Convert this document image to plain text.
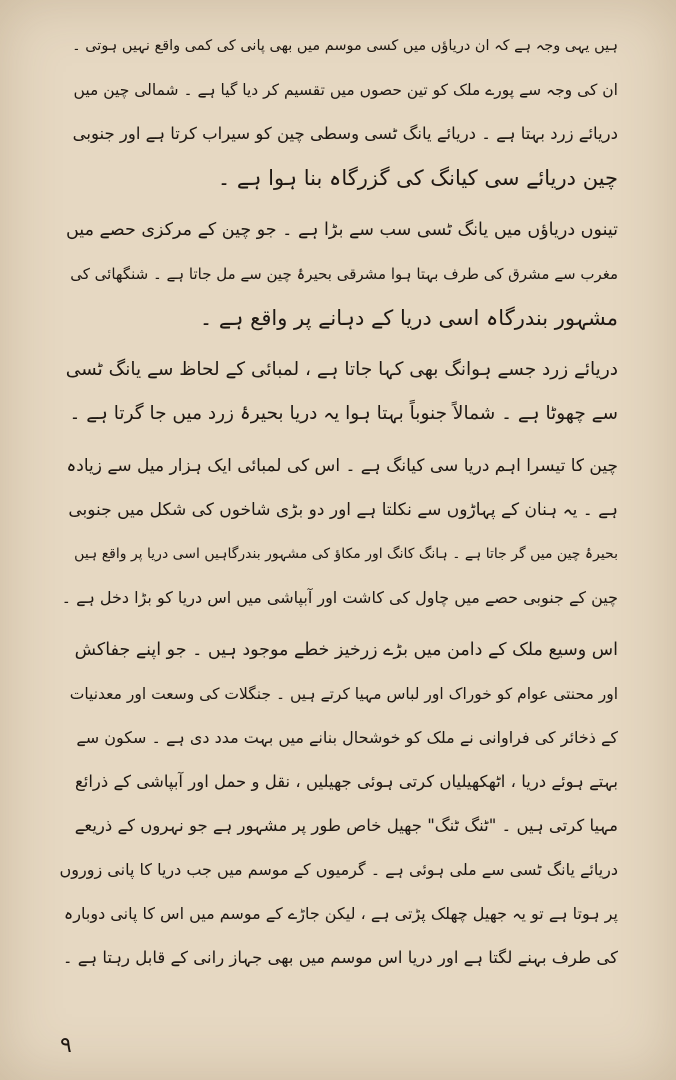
ہیں یہی وجہ ہے کہ ان دریاؤں میں کسی موسم میں بھی پانی کی کمی واقع نہیں ہوتی ۔
ان کی وجہ سے پورے ملک کو تین حصوں میں تقسیم کر دیا گیا ہے ۔ شمالی چین میں
دریائے زرد بہتا ہے ۔ دریائے یانگ ٹسی وسطی چین کو سیراب کرتا ہے اور جنوبی
چین دریائے سی کیانگ کی گزرگاہ بنا ہوا ہے ۔

تینوں دریاؤں میں یانگ ٹسی سب سے بڑا ہے ۔ جو چین کے مرکزی حصے میں
مغرب سے مشرق کی طرف بہتا ہوا مشرقی بحیرۂ چین سے مل جاتا ہے ۔ شنگھائی کی
مشہور بندرگاہ اسی دریا کے دہانے پر واقع ہے ۔

دریائے زرد جسے ہوانگ بھی کہا جاتا ہے ، لمبائی کے لحاظ سے یانگ ٹسی
سے چھوٹا ہے ۔ شمالاً جنوباً بہتا ہوا یہ دریا بحیرۂ زرد میں جا گرتا ہے ۔

چین کا تیسرا اہم دریا سی کیانگ ہے ۔ اس کی لمبائی ایک ہزار میل سے زیادہ
ہے ۔ یہ ہنان کے پہاڑوں سے نکلتا ہے اور دو بڑی شاخوں کی شکل میں جنوبی
بحیرۂ چین میں گر جاتا ہے ۔ ہانگ کانگ اور مکاؤ کی مشہور بندرگاہیں اسی دریا پر واقع ہیں
چین کے جنوبی حصے میں چاول کی کاشت اور آبپاشی میں اس دریا کو بڑا دخل ہے ۔

اس وسیع ملک کے دامن میں بڑے زرخیز خطے موجود ہیں ۔ جو اپنے جفاکش
اور محنتی عوام کو خوراک اور لباس مہیا کرتے ہیں ۔ جنگلات کی وسعت اور معدنیات
کے ذخائر کی فراوانی نے ملک کو خوشحال بنانے میں بہت مدد دی ہے ۔ سکون سے
بہتے ہوئے دریا ، اٹھکھیلیاں کرتی ہوئی جھیلیں ، نقل و حمل اور آبپاشی کے ذرائع
مہیا کرتی ہیں ۔ "ٹنگ ٹنگ" جھیل خاص طور پر مشہور ہے جو نہروں کے ذریعے
دریائے یانگ ٹسی سے ملی ہوئی ہے ۔ گرمیوں کے موسم میں جب دریا کا پانی زوروں
پر ہوتا ہے تو یہ جھیل چھلک پڑتی ہے ، لیکن جاڑے کے موسم میں اس کا پانی دوبارہ
کی طرف بہنے لگتا ہے اور دریا اس موسم میں بھی جہاز رانی کے قابل رہتا ہے ۔

۹
